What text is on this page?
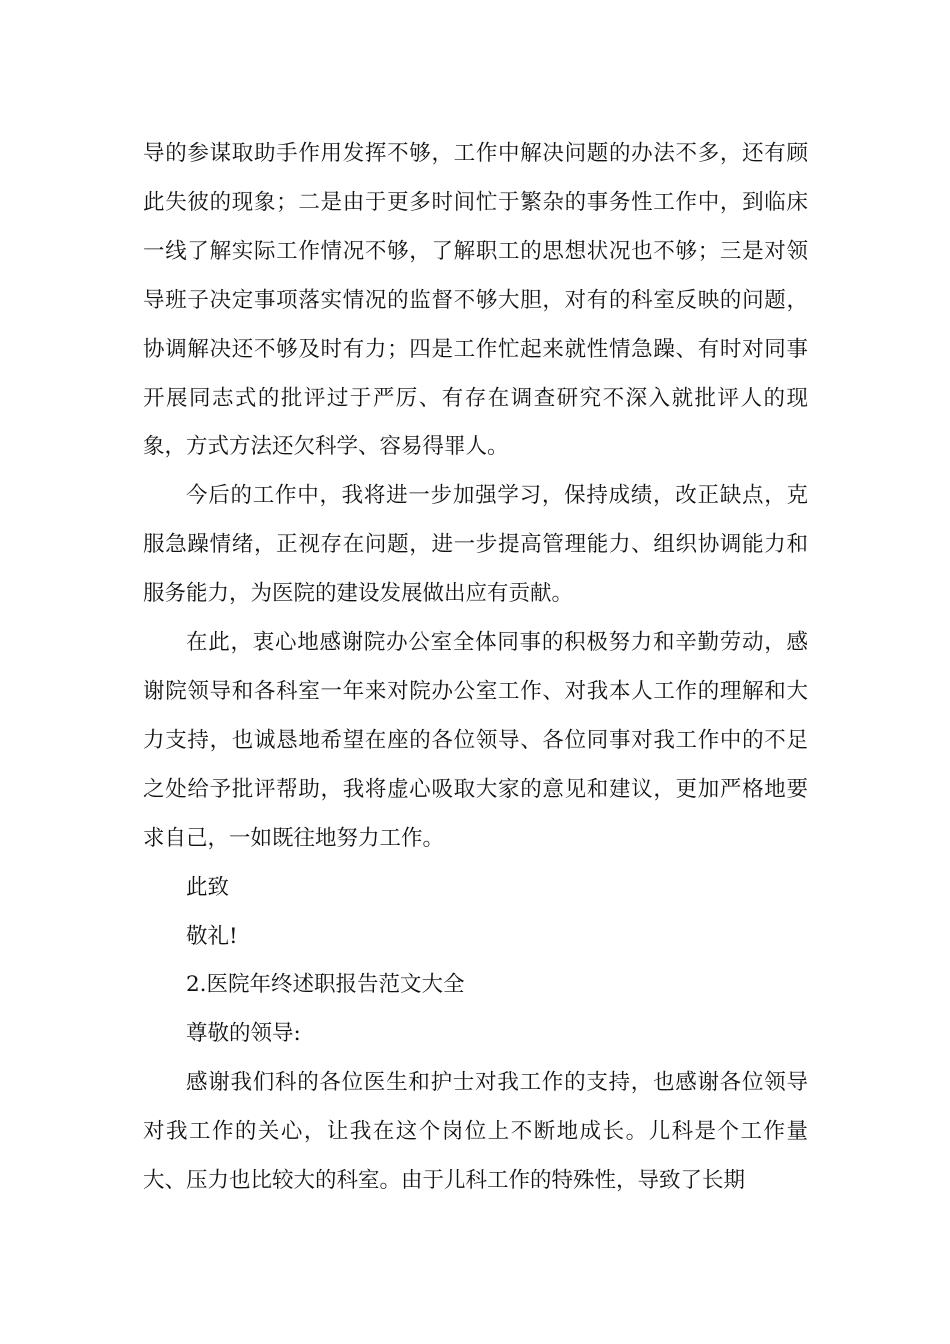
导的参谋取助手作用发挥不够，工作中解决问题的办法不多，还有顾此失彼的现象；二是由于更多时间忙于繁杂的事务性工作中，到临床一线了解实际工作情况不够，了解职工的思想状况也不够；三是对领导班子决定事项落实情况的监督不够大胆，对有的科室反映的问题，协调解决还不够及时有力；四是工作忙起来就性情急躁、有时对同事开展同志式的批评过于严厉、有存在调查研究不深入就批评人的现象，方式方法还欠科学、容易得罪人。

今后的工作中，我将进一步加强学习，保持成绩，改正缺点，克服急躁情绪，正视存在问题，进一步提高管理能力、组织协调能力和服务能力，为医院的建设发展做出应有贡献。

在此，衷心地感谢院办公室全体同事的积极努力和辛勤劳动，感谢院领导和各科室一年来对院办公室工作、对我本人工作的理解和大力支持，也诚恳地希望在座的各位领导、各位同事对我工作中的不足之处给予批评帮助，我将虚心吸取大家的意见和建议，更加严格地要求自己，一如既往地努力工作。

此致

敬礼!

2.医院年终述职报告范文大全

尊敬的领导:

感谢我们科的各位医生和护士对我工作的支持，也感谢各位领导对我工作的关心，让我在这个岗位上不断地成长。儿科是个工作量大、压力也比较大的科室。由于儿科工作的特殊性，导致了长期
